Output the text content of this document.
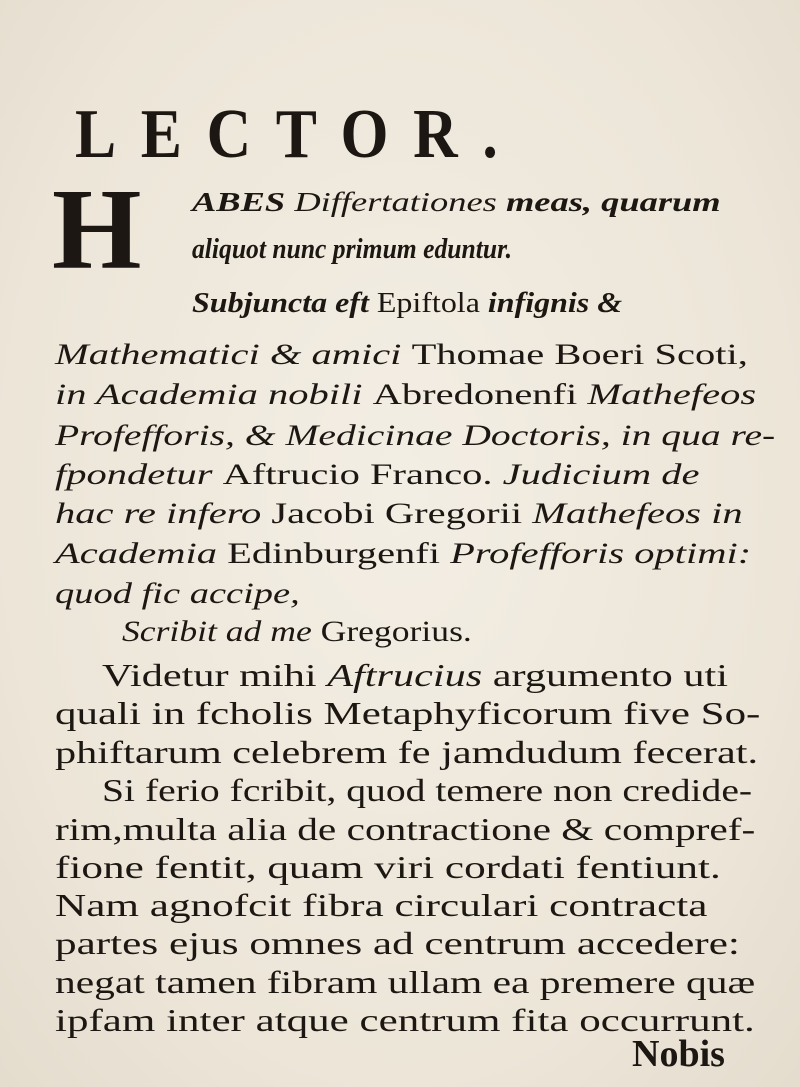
LECTOR.
H ABES Differtationes meas, quarum
aliquot nunc primum eduntur.
Subjuncta eft Epiftola infignis &
Mathematici & amici Thomae Boeri Scoti,
in Academia nobili Abredonenfi Mathefeos
Profefforis, & Medicinae Doctoris, in qua re-
fpondetur Aftrucio Franco. Judicium de
hac re infero Jacobi Gregorii Mathefeos in
Academia Edinburgenfi Profefforis optimi:
quod fic accipe,
Scribit ad me Gregorius.
Videtur mihi Aftrucius argumento uti
quali in fcholis Metaphyficorum five So-
phiftarum celebrem fe jamdudum fecerat.
Si ferio fcribit, quod temere non credide-
rim,multa alia de contractione & compref-
fione fentit, quam viri cordati fentiunt.
Nam agnofcit fibra circulari contracta
partes ejus omnes ad centrum accedere:
negat tamen fibram ullam ea premere quæ
ipfam inter atque centrum fita occurrunt.
Nobis
